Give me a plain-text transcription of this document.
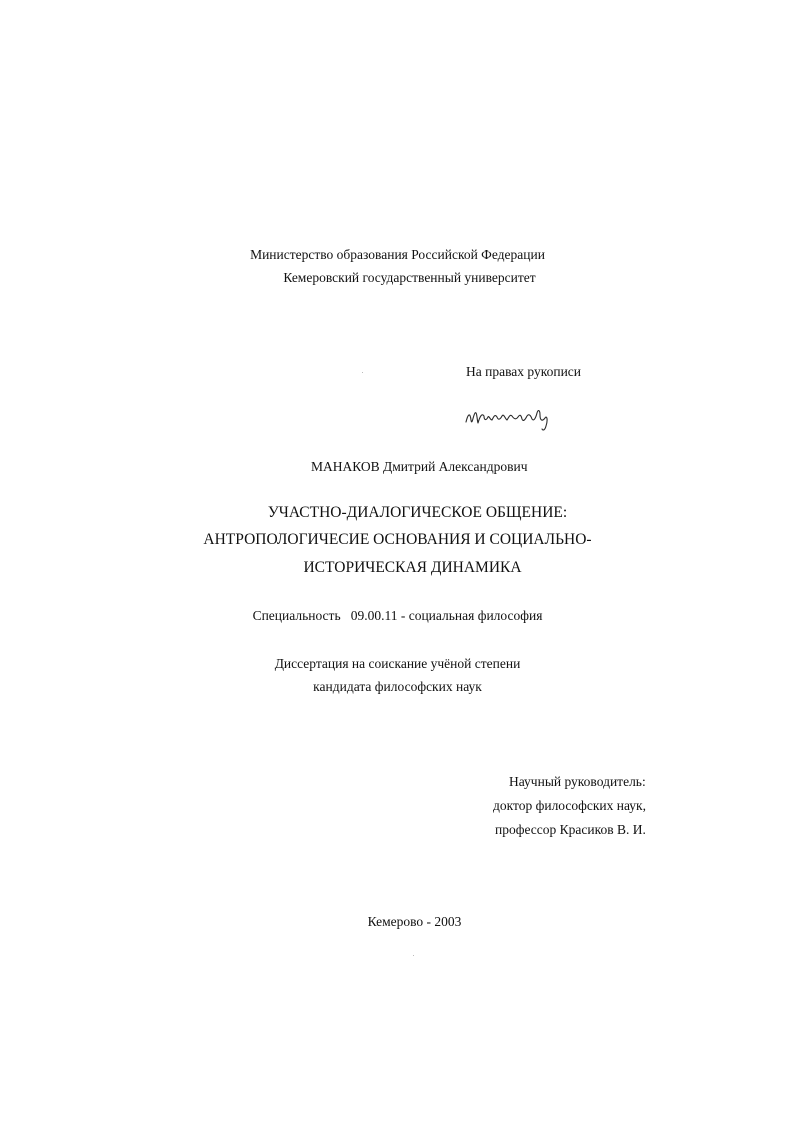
Министерство образования Российской Федерации
Кемеровский государственный университет
На правах рукописи
МАНАКОВ Дмитрий Александрович
УЧАСТНО-ДИАЛОГИЧЕСКОЕ ОБЩЕНИЕ:
АНТРОПОЛОГИЧЕСИЕ ОСНОВАНИЯ И СОЦИАЛЬНО-
ИСТОРИЧЕСКАЯ ДИНАМИКА
Специальность   09.00.11 - социальная философия
Диссертация на соискание учёной степени
кандидата философских наук
Научный руководитель:
доктор философских наук,
профессор Красиков В. И.
Кемерово - 2003
